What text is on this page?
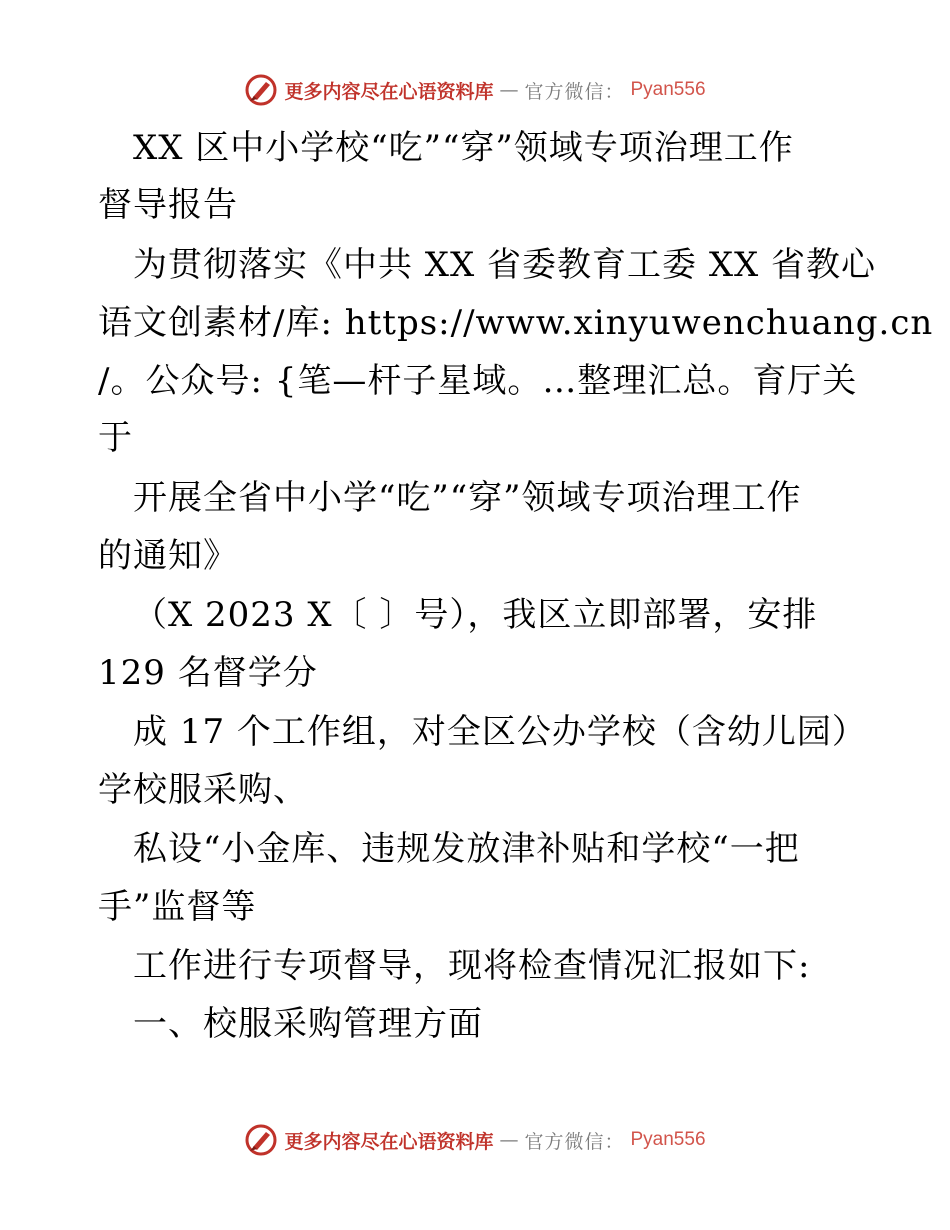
更多内容尽在心语资料库 — 官方微信： Pyan556
XX 区中小学校“吃”“穿”领域专项治理工作
督导报告
为贯彻落实《中共 XX 省委教育工委 XX 省教心
语文创素材/库: https://www.xinyuwenchuang.cn
/。公众号: {笔—杆子星域。…整理汇总。育厅关
于
开展全省中小学“吃”“穿”领域专项治理工作
的通知》
（X 2023 X〔 〕号），我区立即部署，安排
129 名督学分
成 17 个工作组，对全区公办学校（含幼儿园）
学校服采购、
私设“小金库、违规发放津补贴和学校“一把
手”监督等
工作进行专项督导，现将检查情况汇报如下:
一、校服采购管理方面
更多内容尽在心语资料库 — 官方微信： Pyan556
